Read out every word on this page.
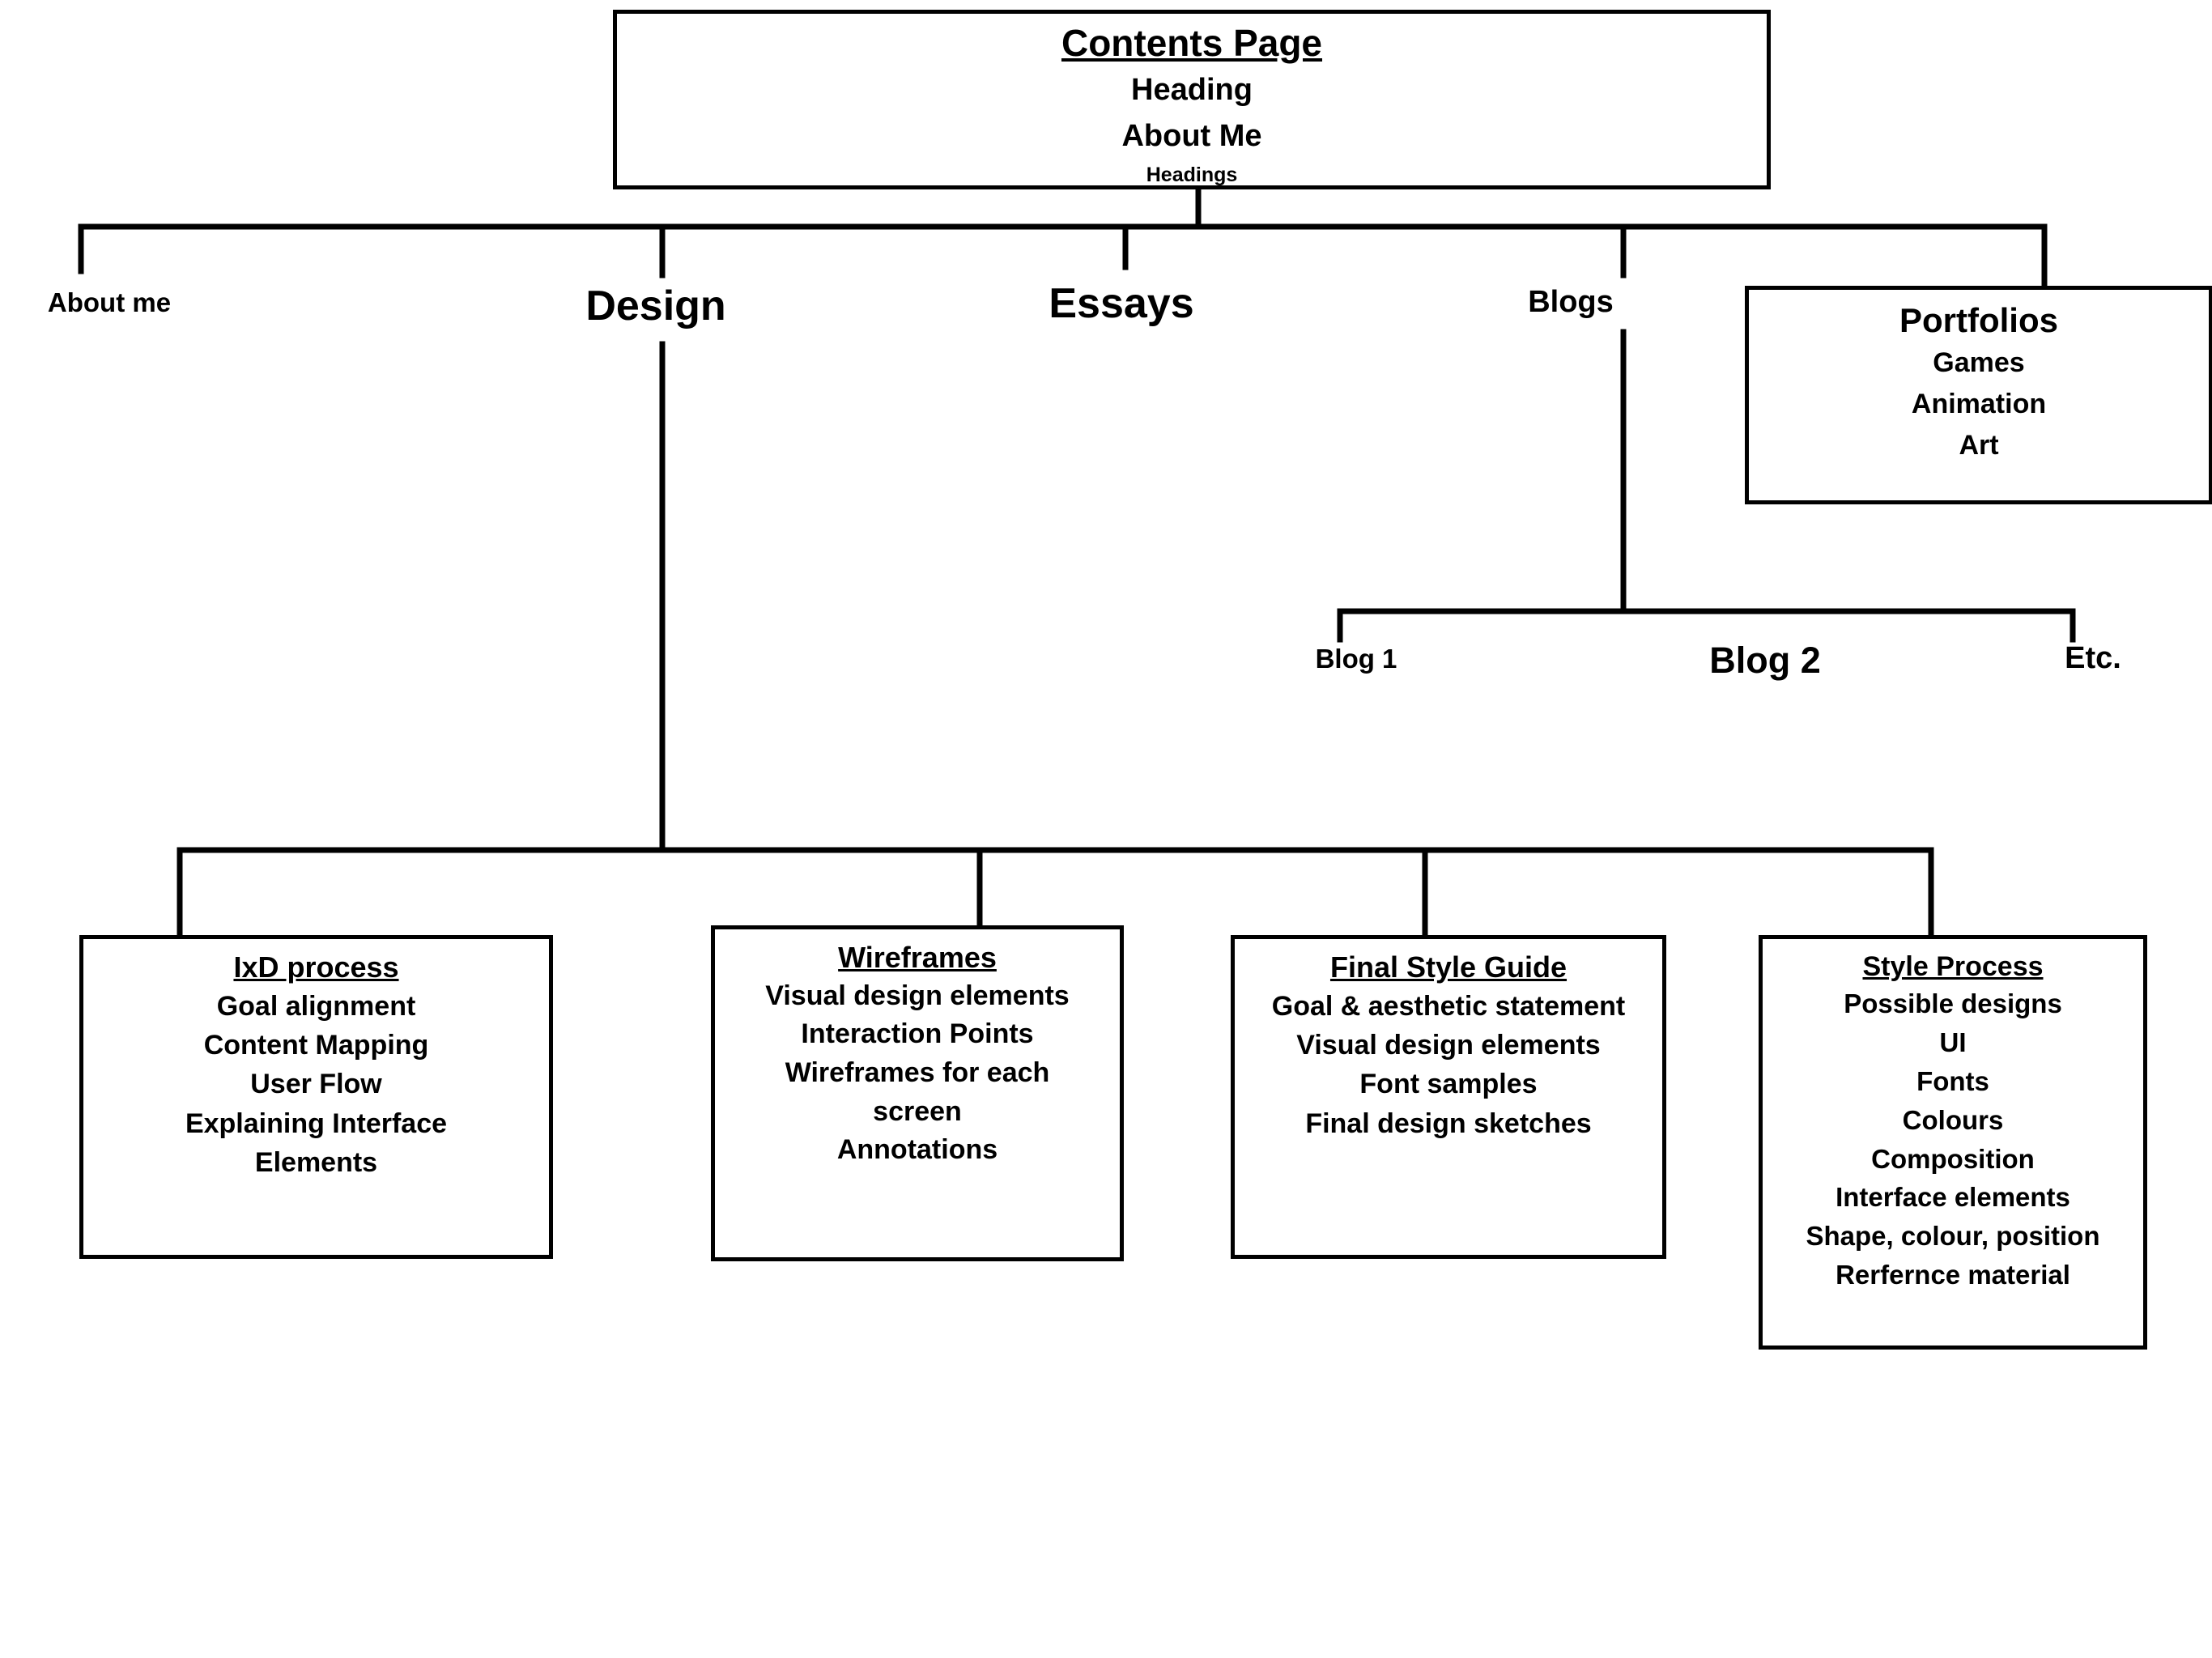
Contents Page
Heading
About Me
Headings
About me	Design	Essays	Blogs	Portfolios
Games
Animation
Art
Blog 1	Blog 2	Etc.
IxD process
Goal alignment
Content Mapping
User Flow
Explaining Interface
Elements
Wireframes
Visual design elements
Interaction Points
Wireframes for each
screen
Annotations
Final Style Guide
Goal & aesthetic statement
Visual design elements
Font samples
Final design sketches
Style Process
Possible designs
UI
Fonts
Colours
Composition
Interface elements
Shape, colour, position
Rerfernce material
